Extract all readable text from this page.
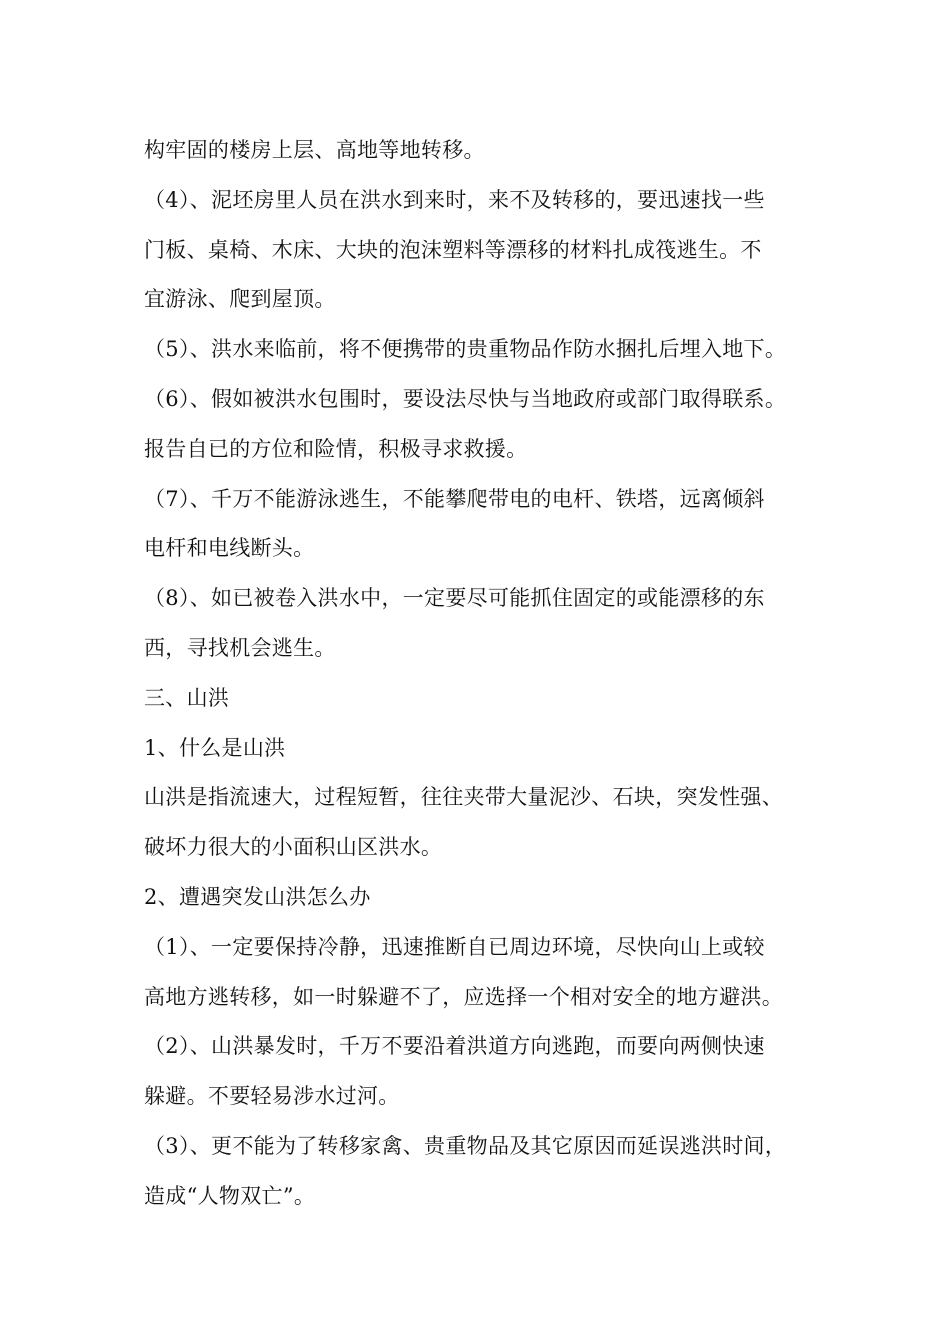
构牢固的楼房上层、高地等地转移。
（4）、泥坯房里人员在洪水到来时，来不及转移的，要迅速找一些
门板、桌椅、木床、大块的泡沫塑料等漂移的材料扎成筏逃生。不
宜游泳、爬到屋顶。
（5）、洪水来临前，将不便携带的贵重物品作防水捆扎后埋入地下。
（6）、假如被洪水包围时，要设法尽快与当地政府或部门取得联系。
报告自已的方位和险情，积极寻求救援。
（7）、千万不能游泳逃生，不能攀爬带电的电杆、铁塔，远离倾斜
电杆和电线断头。
（8）、如已被卷入洪水中，一定要尽可能抓住固定的或能漂移的东
西，寻找机会逃生。
三、山洪
1、什么是山洪
山洪是指流速大，过程短暂，往往夹带大量泥沙、石块，突发性强、
破坏力很大的小面积山区洪水。
2、遭遇突发山洪怎么办
（1）、一定要保持冷静，迅速推断自已周边环境，尽快向山上或较
高地方逃转移，如一时躲避不了，应选择一个相对安全的地方避洪。
（2）、山洪暴发时，千万不要沿着洪道方向逃跑，而要向两侧快速
躲避。不要轻易涉水过河。
（3）、更不能为了转移家禽、贵重物品及其它原因而延误逃洪时间，
造成“人物双亡”。
